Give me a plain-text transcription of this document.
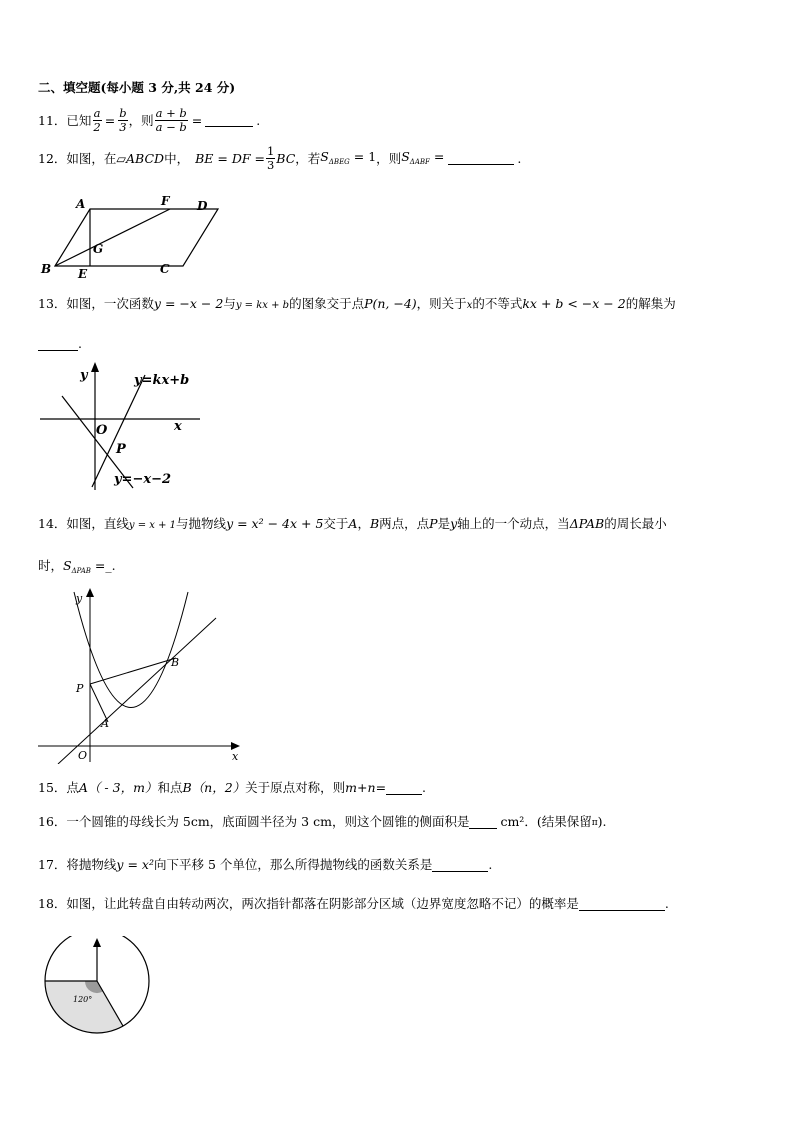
二、填空题(每小题 3 分,共 24 分)
11． 已知 $\frac{a}{2} = \frac{b}{3}$ ，则 $\frac{a + b}{a - b}$ =	.
12． 如图，在 ▱ABCD 中， BE = DF = $\frac{1}{3}$ BC ，若 $S_{\Delta BEG} = 1$ ，则 $S_{\Delta ABF}$ =	.
A	F D
G
B E	C
13．如图，一次函数y = −x − 2与y = kx + b的图象交于点P(n, −4)，则关于x的不等式kx + b < −x − 2的解集为
.
y
x
O
P
y=kx+b
y=−x−2
14．如图，直线y = x + 1与抛物线y = x² − 4x + 5交于A，B两点，点P是y轴上的一个动点，当ΔPAB的周长最小
时，$S_{\Delta PAB}$ =_.
y
x
O
P
A
B
15． 点 A（ - 3，m） 和点 B（n，2） 关于原点对称，则 m+n =	.
16． 一个圆锥的母线长为 5cm，底面圆半径为 3 cm，则这个圆锥的侧面积是 cm² ．(结果保留 π ).
17． 将抛物线 y = x² 向下平移 5 个单位，那么所得抛物线的函数关系是	.
18． 如图，让此转盘自由转动两次，两次指针都落在阴影部分区域（边界宽度忽略不记）的概率是	.
120°
